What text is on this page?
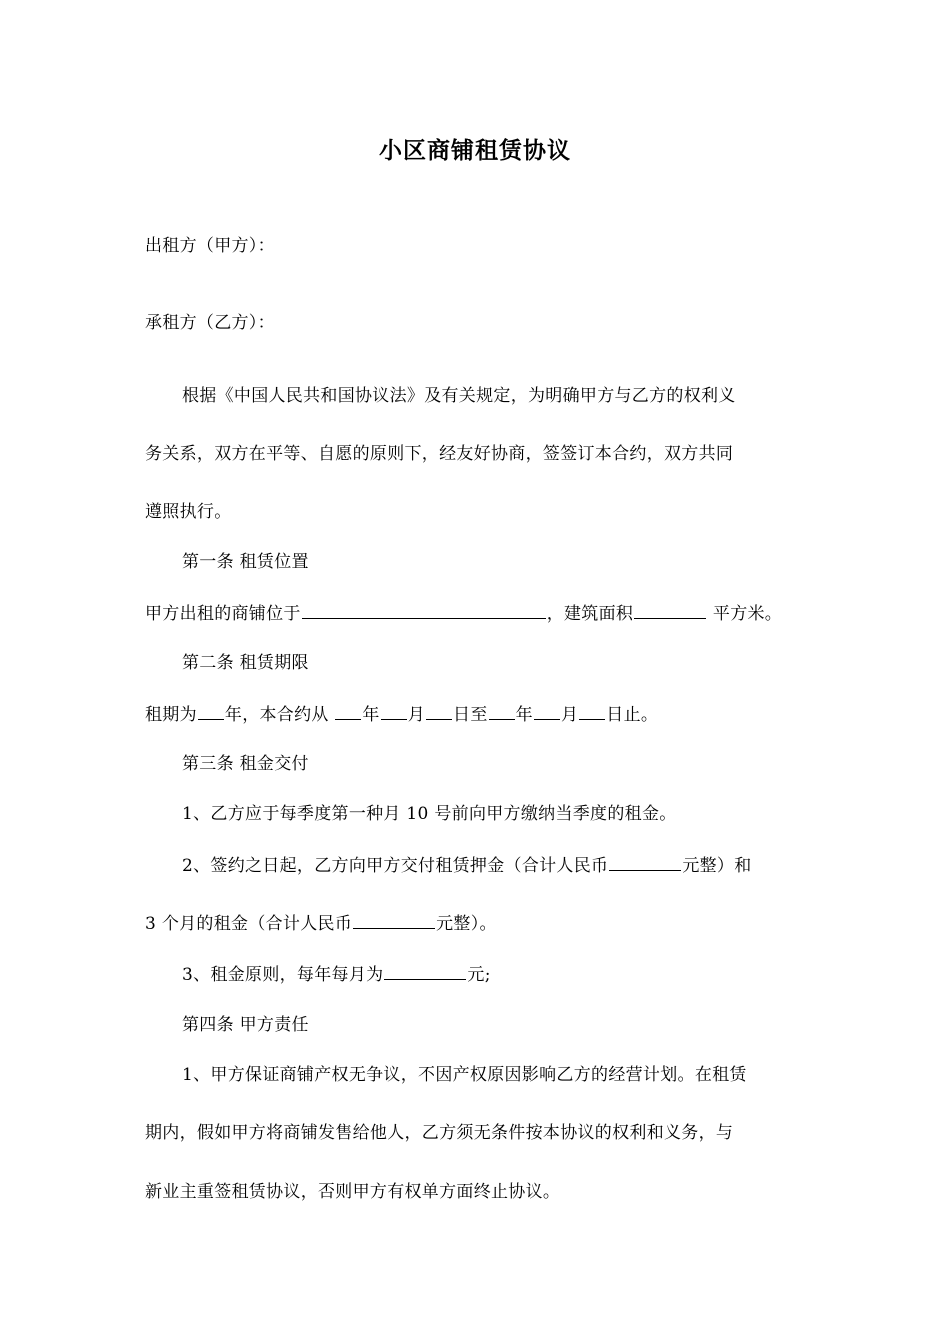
小区商铺租赁协议
出租方（甲方）：
承租方（乙方）：
根据《中国人民共和国协议法》及有关规定，为明确甲方与乙方的权利义
务关系，双方在平等、自愿的原则下，经友好协商，签签订本合约，双方共同
遵照执行。
第一条 租赁位置
甲方出租的商铺位于	，建筑面积	平方米。
第二条 租赁期限
租期为 年，本合约从 年 月 日至 年 月 日止。
第三条 租金交付
1、乙方应于每季度第一种月 10 号前向甲方缴纳当季度的租金。
2、签约之日起，乙方向甲方交付租赁押金（合计人民币	元整）和
3 个月的租金（合计人民币	元整）。
3、租金原则，每年每月为	元;
第四条 甲方责任
1、甲方保证商铺产权无争议，不因产权原因影响乙方的经营计划。在租赁
期内，假如甲方将商铺发售给他人，乙方须无条件按本协议的权利和义务，与
新业主重签租赁协议，否则甲方有权单方面终止协议。
